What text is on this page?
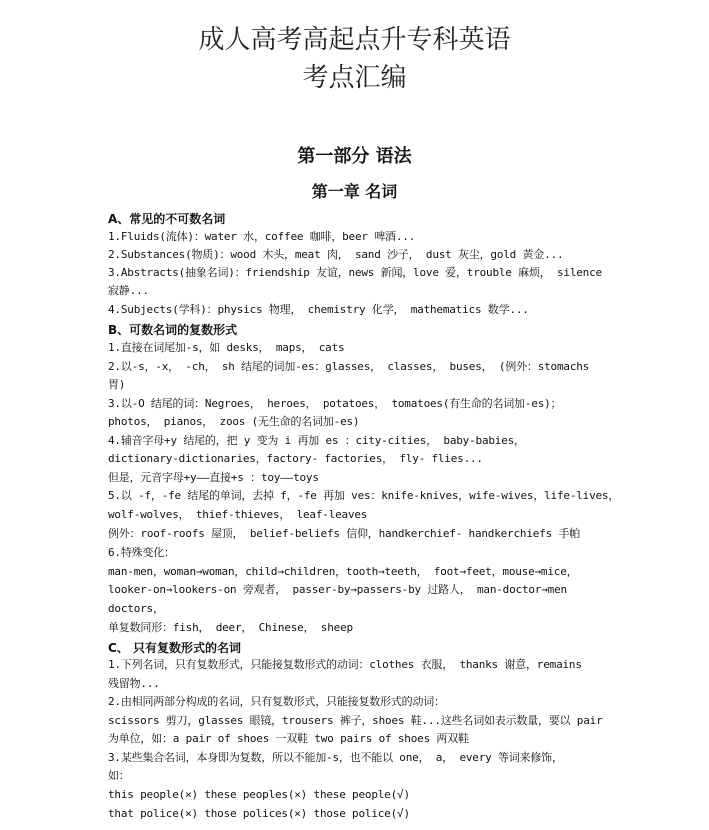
成人高考高起点升专科英语
考点汇编
第一部分 语法
第一章 名词
A、常见的不可数名词
1.Fluids(流体)：water 水，coffee 咖啡，beer 啤酒...
2.Substances(物质)：wood 木头，meat 肉， sand 沙子， dust 灰尘，gold 黄金...
3.Abstracts(抽象名词)：friendship 友谊，news 新闻，love 爱，trouble 麻烦， silence
寂静...
4.Subjects(学科)：physics 物理， chemistry 化学， mathematics 数学...
B、可数名词的复数形式
1.直接在词尾加-s，如 desks， maps， cats
2.以-s，-x， -ch， sh 结尾的词加-es：glasses， classes， buses， (例外：stomachs
胃)
3.以-O 结尾的词：Negroes， heroes， potatoes， tomatoes(有生命的名词加-es)；
photos， pianos， zoos (无生命的名词加-es)
4.辅音字母+y 结尾的，把 y 变为 i 再加 es ：city-cities， baby-babies，
dictionary-dictionaries，factory- factories， fly- flies...
但是，元音字母+y——直接+s ：toy——toys
5.以 -f，-fe 结尾的单词，去掉 f，-fe 再加 ves：knife-knives，wife-wives，life-lives，
wolf-wolves， thief-thieves， leaf-leaves
例外：roof-roofs 屋顶， belief-beliefs 信仰，handkerchief- handkerchiefs 手帕
6.特殊变化：
man-men，woman→woman，child→children，tooth→teeth， foot→feet，mouse→mice，
looker-on→lookers-on 旁观者， passer-by→passers-by 过路人， man-doctor→men
doctors，
单复数同形：fish， deer， Chinese， sheep
C、 只有复数形式的名词
1.下列名词，只有复数形式，只能接复数形式的动词：clothes 衣服， thanks 谢意，remains
残留物...
2.由相同两部分构成的名词，只有复数形式，只能接复数形式的动词：
scissors 剪刀，glasses 眼镜，trousers 裤子，shoes 鞋...这些名词如表示数量，要以 pair
为单位，如：a pair of shoes 一双鞋 two pairs of shoes 两双鞋
3.某些集合名词，本身即为复数，所以不能加-s，也不能以 one， a， every 等词来修饰，
如：
this people(×) these peoples(×) these people(√)
that police(×) those polices(×) those police(√)
